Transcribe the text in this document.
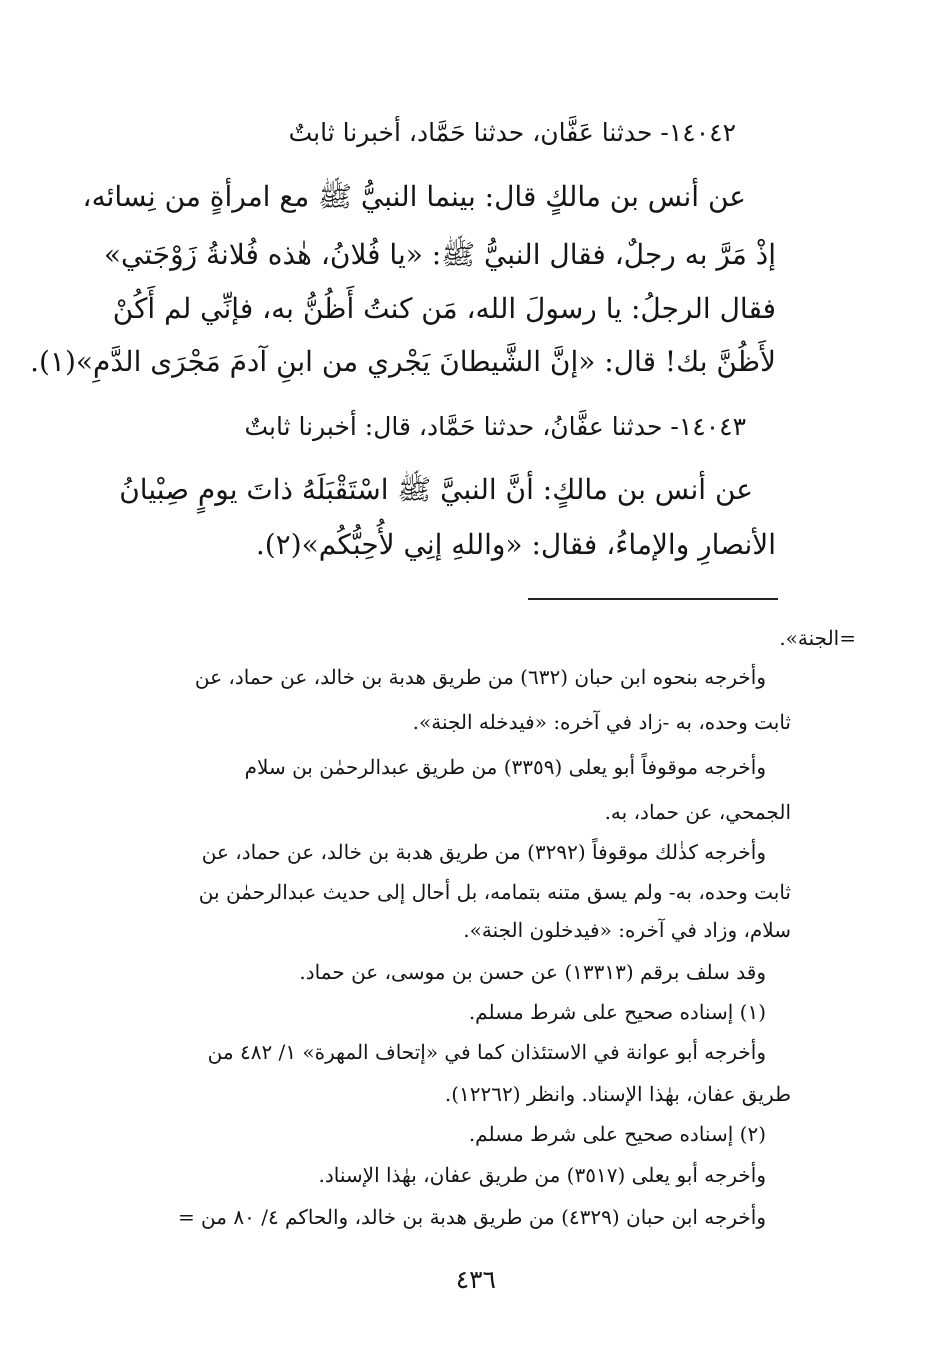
١٤٠٤٢- حدثنا عَفَّان، حدثنا حَمَّاد، أخبرنا ثابتٌ
عن أنس بن مالكٍ قال: بينما النبيُّ ﷺ مع امرأةٍ من نِسائه،
إذْ مَرَّ به رجلٌ، فقال النبيُّ ﷺ: «يا فُلانُ، هٰذه فُلانةُ زَوْجَتي»
فقال الرجلُ: يا رسولَ الله، مَن كنتُ أَظُنُّ به، فإنِّي لم أَكُنْ
لأَظُنَّ بك! قال: «إنَّ الشَّيطانَ يَجْري من ابنِ آدمَ مَجْرَى الدَّمِ»(١).
١٤٠٤٣- حدثنا عفَّانُ، حدثنا حَمَّاد، قال: أخبرنا ثابتٌ
عن أنس بن مالكٍ: أنَّ النبيَّ ﷺ اسْتَقْبَلَهُ ذاتَ يومٍ صِبْيانُ
الأنصارِ والإماءُ، فقال: «واللهِ إنِي لأُحِبُّكُم»(٢).
=الجنة».
وأخرجه بنحوه ابن حبان (٦٣٢) من طريق هدبة بن خالد، عن حماد، عن
ثابت وحده، به -زاد في آخره: «فيدخله الجنة».
وأخرجه موقوفاً أبو يعلى (٣٣٥٩) من طريق عبدالرحمٰن بن سلام
الجمحي، عن حماد، به.
وأخرجه كذٰلك موقوفاً (٣٢٩٢) من طريق هدبة بن خالد، عن حماد، عن
ثابت وحده، به- ولم يسق متنه بتمامه، بل أحال إلى حديث عبدالرحمٰن بن
سلام، وزاد في آخره: «فيدخلون الجنة».
وقد سلف برقم (١٣٣١٣) عن حسن بن موسى، عن حماد.
(١) إسناده صحيح على شرط مسلم.
وأخرجه أبو عوانة في الاستئذان كما في «إتحاف المهرة» ١/ ٤٨٢ من
طريق عفان، بهٰذا الإسناد. وانظر (١٢٢٦٢).
(٢) إسناده صحيح على شرط مسلم.
وأخرجه أبو يعلى (٣٥١٧) من طريق عفان، بهٰذا الإسناد.
وأخرجه ابن حبان (٤٣٢٩) من طريق هدبة بن خالد، والحاكم ٤/ ٨٠ من =
٤٣٦
